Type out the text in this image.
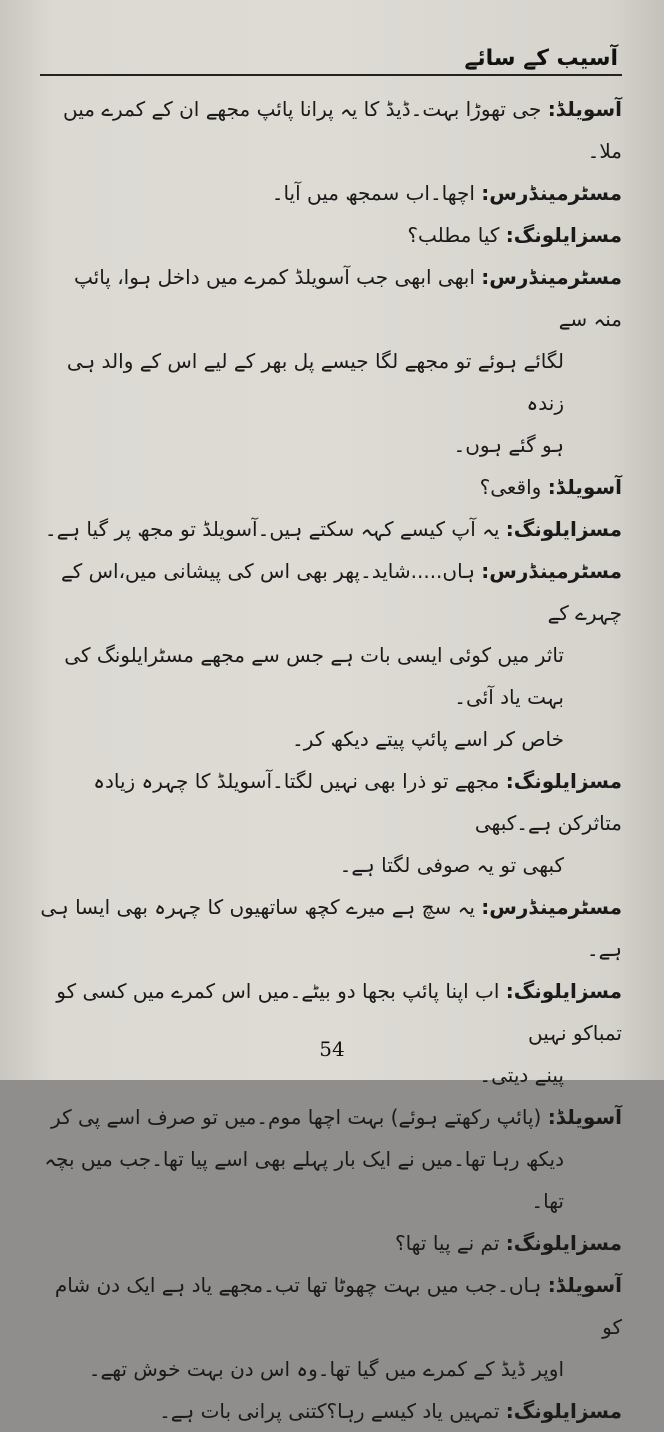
آسیب کے سائے
آسویلڈ: جی تھوڑا بہت۔ڈیڈ کا یہ پرانا پائپ مجھے ان کے کمرے میں ملا۔
مسٹرمینڈرس: اچھا۔اب سمجھ میں آیا۔
مسزایلونگ: کیا مطلب؟
مسٹرمینڈرس: ابھی ابھی جب آسویلڈ کمرے میں داخل ہوا، پائپ منہ سے
لگائے ہوئے تو مجھے لگا جیسے پل بھر کے لیے اس کے والد ہی زندہ
ہو گئے ہوں۔
آسویلڈ: واقعی؟
مسزایلونگ: یہ آپ کیسے کہہ سکتے ہیں۔آسویلڈ تو مجھ پر گیا ہے۔
مسٹرمینڈرس: ہاں.....شاید۔پھر بھی اس کی پیشانی میں،اس کے چہرے کے
تاثر میں کوئی ایسی بات ہے جس سے مجھے مسٹرایلونگ کی بہت یاد آئی۔
خاص کر اسے پائپ پیتے دیکھ کر۔
مسزایلونگ: مجھے تو ذرا بھی نہیں لگتا۔آسویلڈ کا چہرہ زیادہ متاثرکن ہے۔کبھی
کبھی تو یہ صوفی لگتا ہے۔
مسٹرمینڈرس: یہ سچ ہے میرے کچھ ساتھیوں کا چہرہ بھی ایسا ہی ہے۔
مسزایلونگ: اب اپنا پائپ بجھا دو بیٹے۔میں اس کمرے میں کسی کو تمباکو نہیں
پینے دیتی۔
آسویلڈ: (پائپ رکھتے ہوئے) بہت اچھا موم۔میں تو صرف اسے پی کر
دیکھ رہا تھا۔میں نے ایک بار پہلے بھی اسے پیا تھا۔جب میں بچہ تھا۔
مسزایلونگ: تم نے پیا تھا؟
آسویلڈ: ہاں۔جب میں بہت چھوٹا تھا تب۔مجھے یاد ہے ایک دن شام کو
اوپر ڈیڈ کے کمرے میں گیا تھا۔وہ اس دن بہت خوش تھے۔
مسزایلونگ: تمہیں یاد کیسے رہا؟کتنی پرانی بات ہے۔
54
